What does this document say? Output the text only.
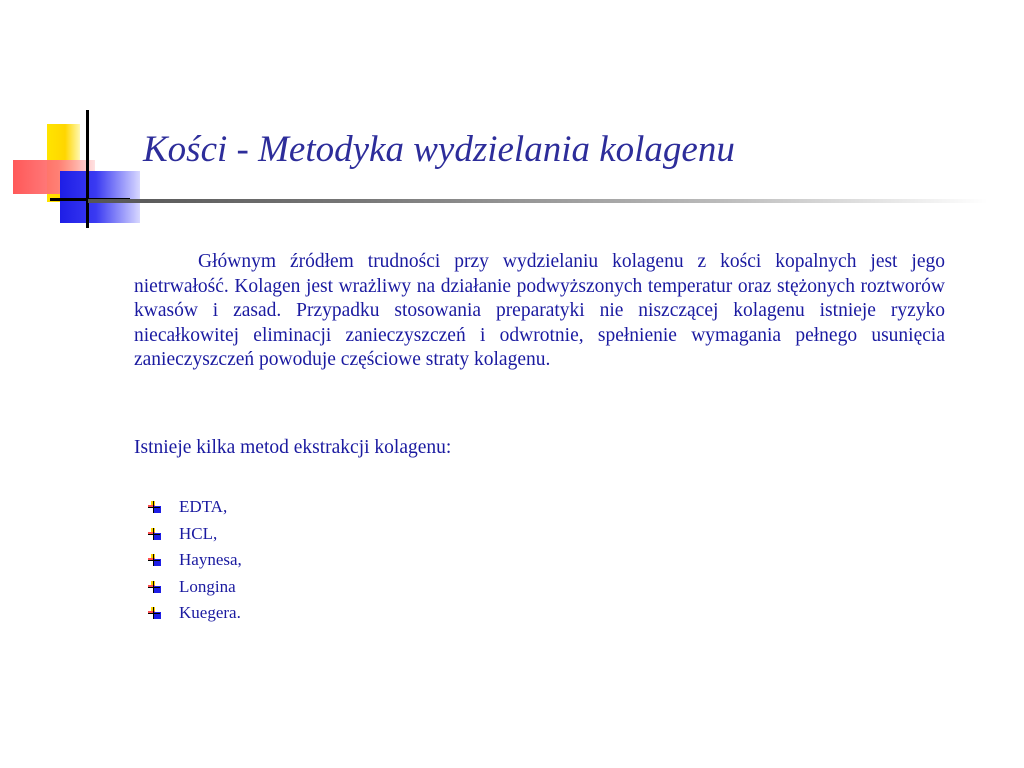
Kości - Metodyka wydzielania kolagenu

Głównym źródłem trudności przy wydzielaniu kolagenu z kości kopalnych jest jego nietrwałość. Kolagen jest wrażliwy na działanie podwyższonych temperatur oraz stężonych roztworów kwasów i zasad. Przypadku stosowania preparatyki nie niszczącej kolagenu istnieje ryzyko niecałkowitej eliminacji zanieczyszczeń i odwrotnie, spełnienie wymagania pełnego usunięcia zanieczyszczeń powoduje częściowe straty kolagenu.

Istnieje kilka metod ekstrakcji kolagenu:

EDTA,
HCL,
Haynesa,
Longina
Kuegera.
